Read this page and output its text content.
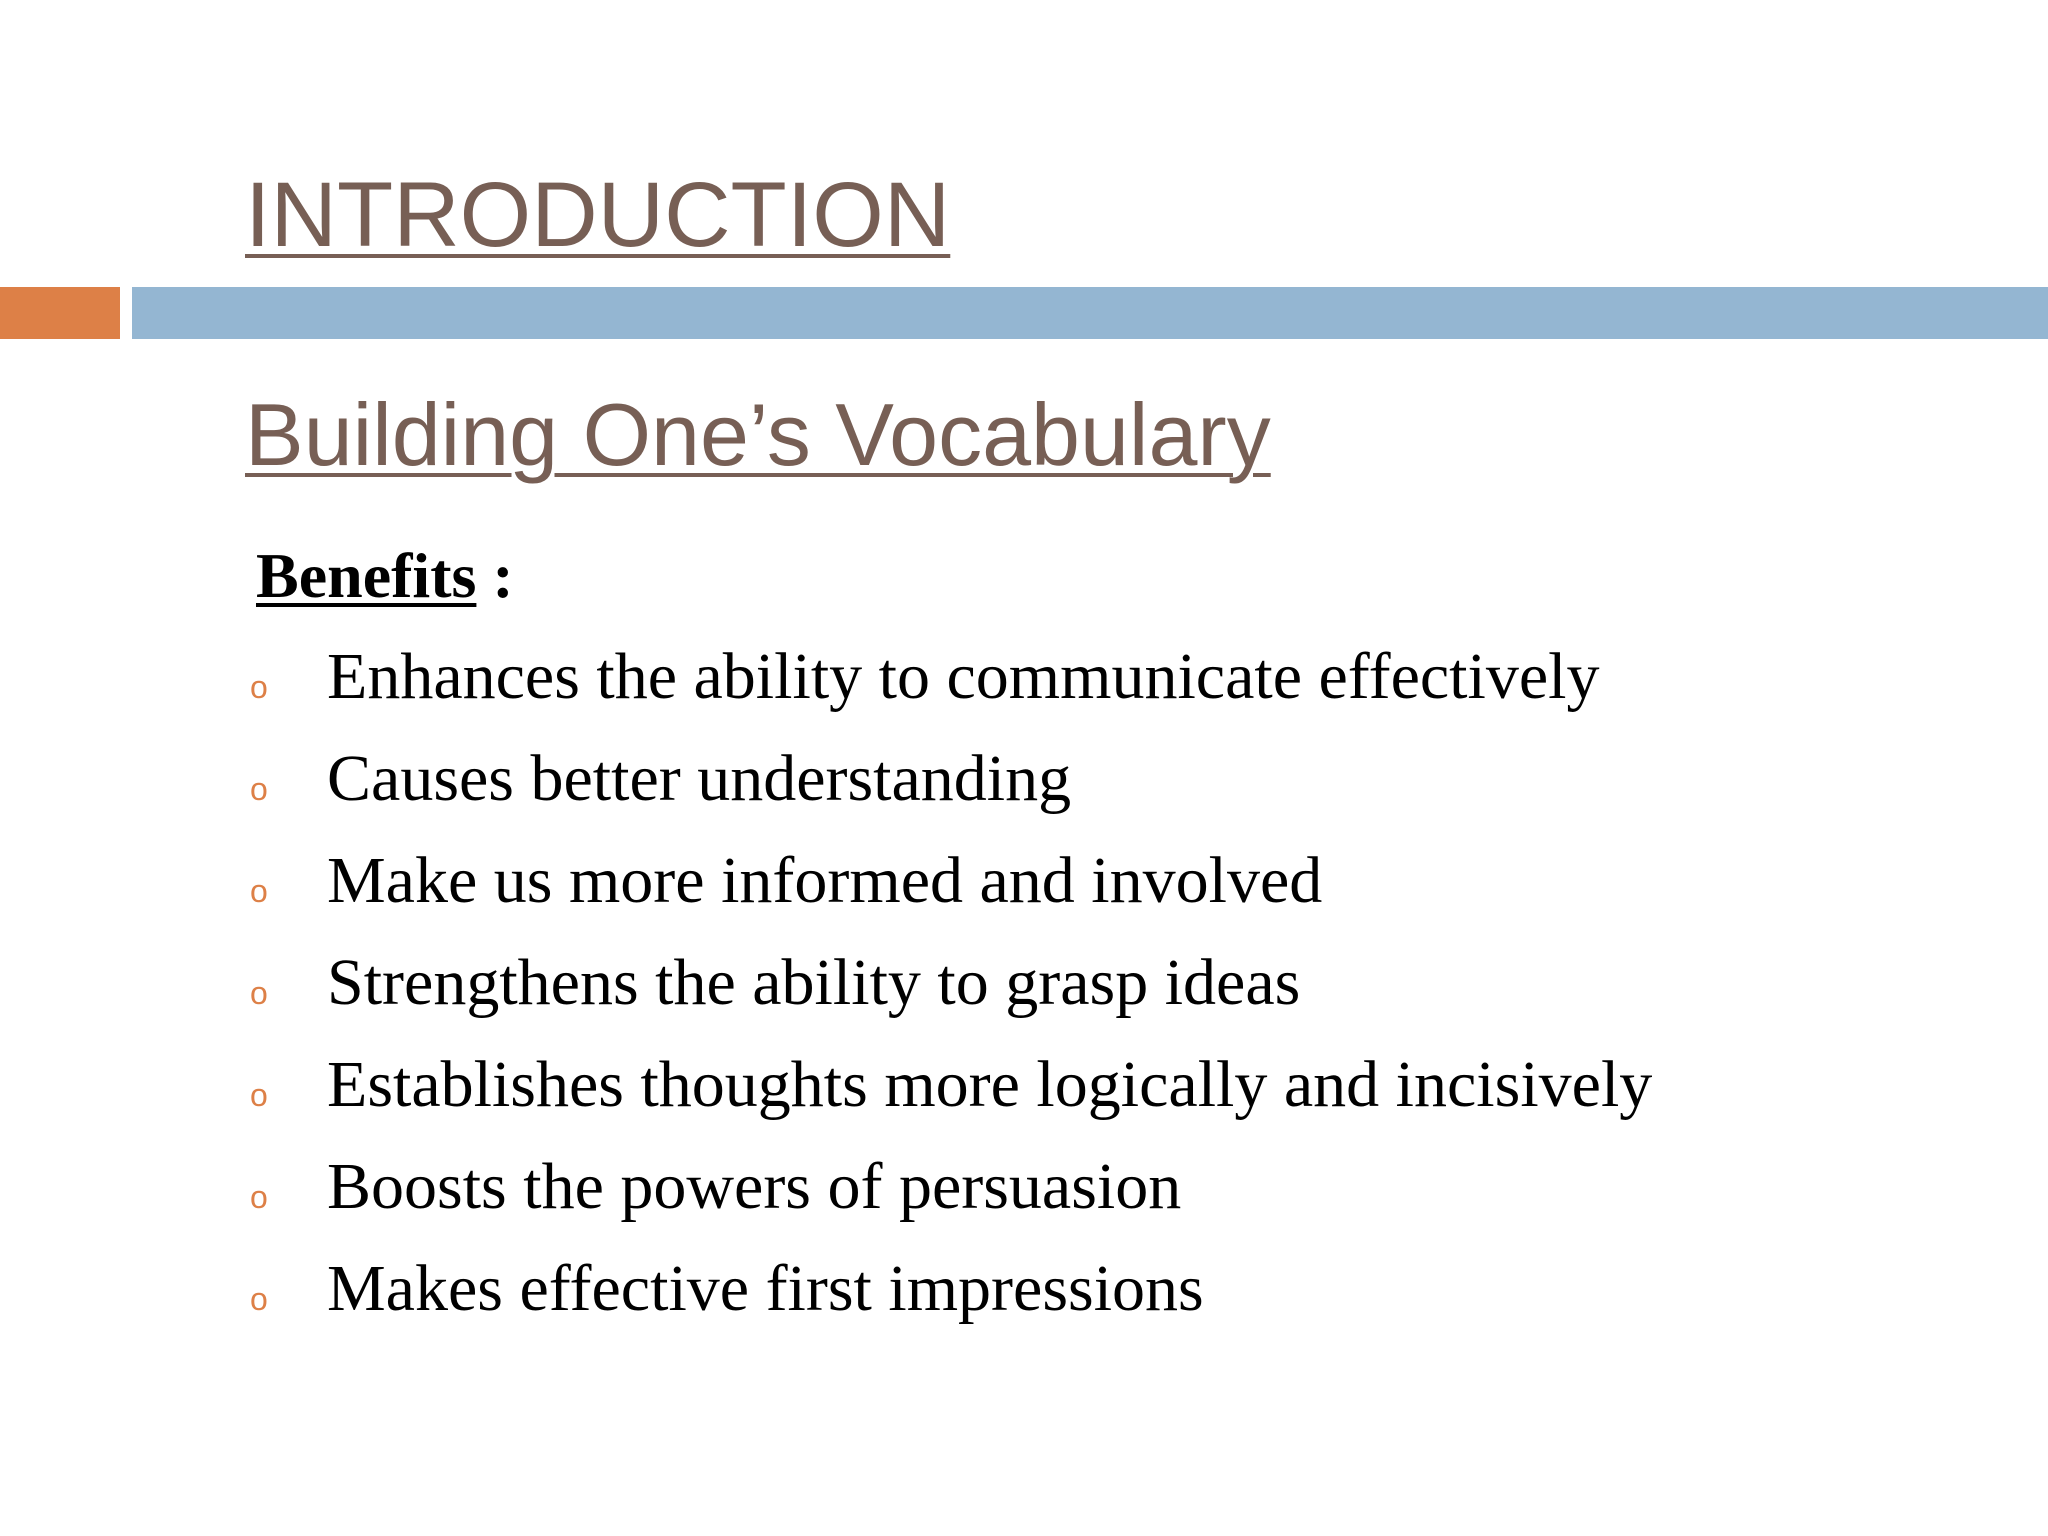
INTRODUCTION
Building One’s Vocabulary

Benefits :

o Enhances the ability to communicate effectively
o Causes better understanding
o Make us more informed and involved
o Strengthens the ability to grasp ideas
o Establishes thoughts more logically and incisively
o Boosts the powers of persuasion
o Makes effective first impressions
